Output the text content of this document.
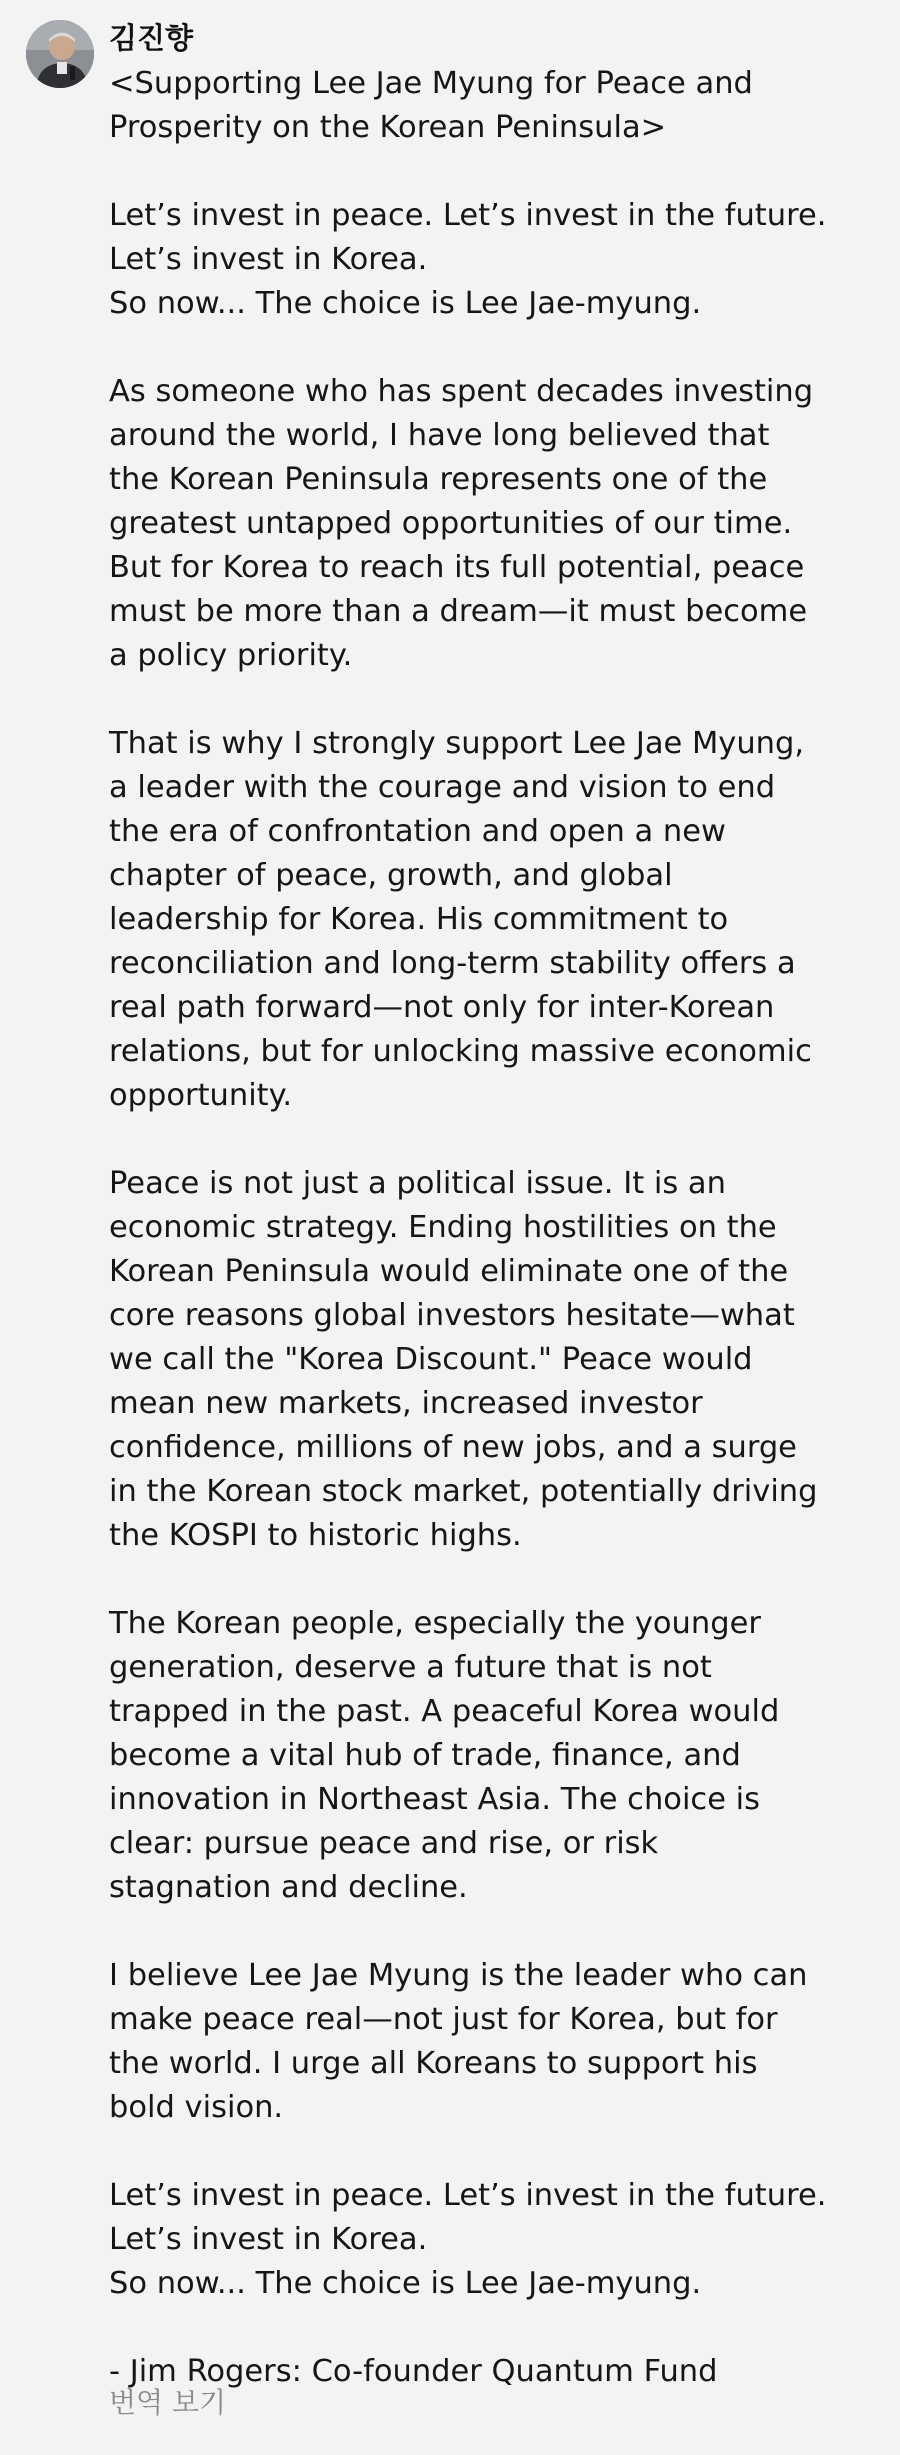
김진향

<Supporting Lee Jae Myung for Peace and
Prosperity on the Korean Peninsula>

Let’s invest in peace. Let’s invest in the future.
Let’s invest in Korea.
So now... The choice is Lee Jae-myung.

As someone who has spent decades investing
around the world, I have long believed that
the Korean Peninsula represents one of the
greatest untapped opportunities of our time.
But for Korea to reach its full potential, peace
must be more than a dream—it must become
a policy priority.

That is why I strongly support Lee Jae Myung,
a leader with the courage and vision to end
the era of confrontation and open a new
chapter of peace, growth, and global
leadership for Korea. His commitment to
reconciliation and long-term stability offers a
real path forward—not only for inter-Korean
relations, but for unlocking massive economic
opportunity.

Peace is not just a political issue. It is an
economic strategy. Ending hostilities on the
Korean Peninsula would eliminate one of the
core reasons global investors hesitate—what
we call the "Korea Discount." Peace would
mean new markets, increased investor
confidence, millions of new jobs, and a surge
in the Korean stock market, potentially driving
the KOSPI to historic highs.

The Korean people, especially the younger
generation, deserve a future that is not
trapped in the past. A peaceful Korea would
become a vital hub of trade, finance, and
innovation in Northeast Asia. The choice is
clear: pursue peace and rise, or risk
stagnation and decline.

I believe Lee Jae Myung is the leader who can
make peace real—not just for Korea, but for
the world. I urge all Koreans to support his
bold vision.

Let’s invest in peace. Let’s invest in the future.
Let’s invest in Korea.
So now... The choice is Lee Jae-myung.

- Jim Rogers: Co-founder Quantum Fund

번역 보기
